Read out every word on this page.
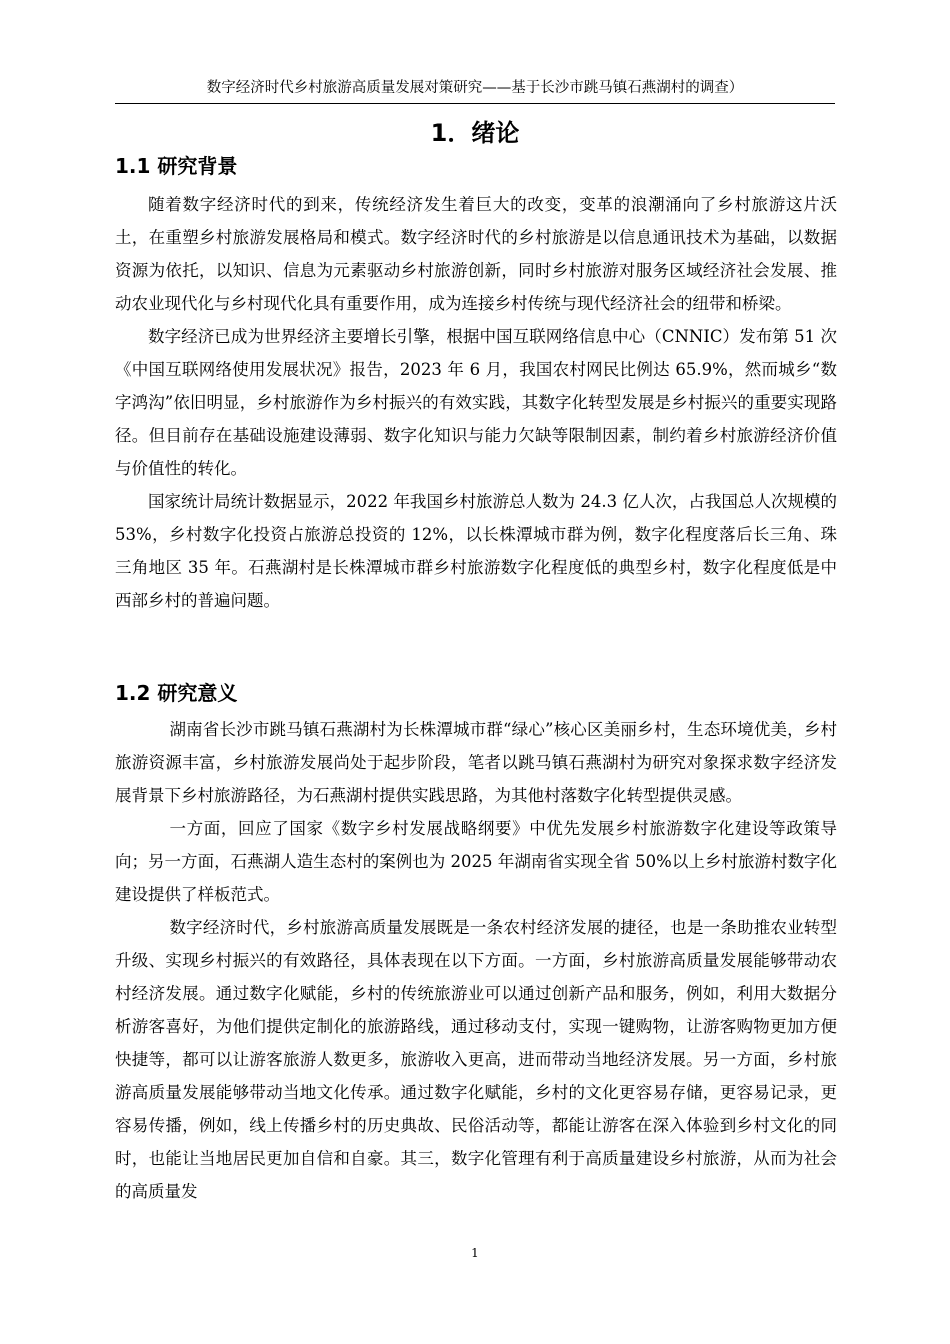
数字经济时代乡村旅游高质量发展对策研究——基于长沙市跳马镇石燕湖村的调查）
1．绪论
1.1 研究背景

随着数字经济时代的到来，传统经济发生着巨大的改变，变革的浪潮涌向了乡村旅游这片沃土，在重塑乡村旅游发展格局和模式。数字经济时代的乡村旅游是以信息通讯技术为基础，以数据资源为依托，以知识、信息为元素驱动乡村旅游创新，同时乡村旅游对服务区域经济社会发展、推动农业现代化与乡村现代化具有重要作用，成为连接乡村传统与现代经济社会的纽带和桥梁。

数字经济已成为世界经济主要增长引擎，根据中国互联网络信息中心（CNNIC）发布第 51 次《中国互联网络使用发展状况》报告，2023 年 6 月，我国农村网民比例达 65.9%，然而城乡“数字鸿沟”依旧明显，乡村旅游作为乡村振兴的有效实践，其数字化转型发展是乡村振兴的重要实现路径。但目前存在基础设施建设薄弱、数字化知识与能力欠缺等限制因素，制约着乡村旅游经济价值与价值性的转化。

国家统计局统计数据显示，2022 年我国乡村旅游总人数为 24.3 亿人次，占我国总人次规模的 53%，乡村数字化投资占旅游总投资的 12%，以长株潭城市群为例，数字化程度落后长三角、珠三角地区 35 年。石燕湖村是长株潭城市群乡村旅游数字化程度低的典型乡村，数字化程度低是中西部乡村的普遍问题。

1.2 研究意义

湖南省长沙市跳马镇石燕湖村为长株潭城市群“绿心”核心区美丽乡村，生态环境优美，乡村旅游资源丰富，乡村旅游发展尚处于起步阶段，笔者以跳马镇石燕湖村为研究对象探求数字经济发展背景下乡村旅游路径，为石燕湖村提供实践思路，为其他村落数字化转型提供灵感。

一方面，回应了国家《数字乡村发展战略纲要》中优先发展乡村旅游数字化建设等政策导向；另一方面，石燕湖人造生态村的案例也为 2025 年湖南省实现全省 50%以上乡村旅游村数字化建设提供了样板范式。

数字经济时代，乡村旅游高质量发展既是一条农村经济发展的捷径，也是一条助推农业转型升级、实现乡村振兴的有效路径，具体表现在以下方面。一方面，乡村旅游高质量发展能够带动农村经济发展。通过数字化赋能，乡村的传统旅游业可以通过创新产品和服务，例如，利用大数据分析游客喜好，为他们提供定制化的旅游路线，通过移动支付，实现一键购物，让游客购物更加方便快捷等，都可以让游客旅游人数更多，旅游收入更高，进而带动当地经济发展。另一方面，乡村旅游高质量发展能够带动当地文化传承。通过数字化赋能，乡村的文化更容易存储，更容易记录，更容易传播，例如，线上传播乡村的历史典故、民俗活动等，都能让游客在深入体验到乡村文化的同时，也能让当地居民更加自信和自豪。其三，数字化管理有利于高质量建设乡村旅游，从而为社会的高质量发

1
